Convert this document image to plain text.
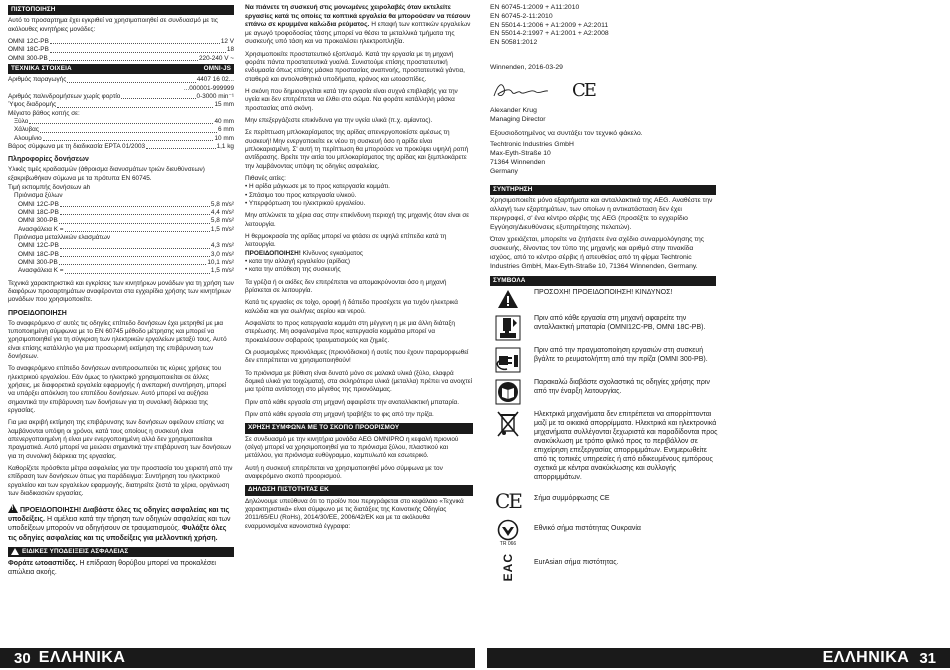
ΠΙΣΤΟΠΟΙΗΣΗ

Αυτό το προσαρτημα έχει εγκριθεί να χρησιμοποιηθεί σε συνδυασμό με τις ακόλουθες κινητήριες μονάδες:

OMNI 12C-PB	12 V
OMNI 18C-PB	18
OMNI 300-PB	220-240 V ~
ΤΕΧΝΙΚΑ ΣΤΟΙΧΕΙΑ	OMNI-JS
Αριθμός παραγωγής	4407 16 02...
...000001-999999
Αριθμός παλινδρομήσεων χωρίς φορτίο	0-3000 min⁻¹
Ύψος διαδρομής	15 mm
Μέγιστο βάθος κοπής σε:
Ξύλο	40 mm
Χάλυβας	6 mm
Αλουμίνιο	10 mm
Βάρος σύμφωνα με τη διαδικασία EPTA 01/2003	1,1 kg
Πληροφορίες δονήσεων

Υλικές τιμές κραδασμών (άθροισμα διανυσμάτων τριών διευθύνσεων) εξακριβωθήκαν σύμωνα με τα πρότυπα EN 60745.

Τιμή εκπομπής δονήσεων ah
Πριόνισμα ξύλων
OMNI 12C-PB	5,8 m/s²
OMNI 18C-PB	4,4 m/s²
OMNI 300-PB	5,8 m/s²
Ανασφάλεια K =	1,5 m/s²
Πριόνισμα μεταλλικών ελασμάτων
OMNI 12C-PB	4,3 m/s²
OMNI 18C-PB	3,0 m/s²
OMNI 300-PB	10,1 m/s²
Ανασφάλεια K =	1,5 m/s²

Τεχνικά χαρακτηριστικά και εγκρίσεις των κινητήριων μονάδων για τη χρήση των διαφόρων προσαρτημάτων αναφέρονται στα εγχειρίδια χρήσης των κινητήριων μονάδων που χρησιμοποιείτε.

ΠΡΟΕΙΔΟΠΟΙΗΣΗ

Το αναφερόμενο σ' αυτές τις οδηγίες επίπεδο δονήσεων έχει μετρηθεί με μια τυποποιημένη σύμφωνα με το EN 60745 μέθοδο μέτρησης και μπορεί να χρησιμοποιηθεί για τη σύγκριση των ηλεκτρικών εργαλείων μεταξύ τους. Αυτό είναι επίσης κατάλληλο για μια προσωρινή εκτίμηση της επιβάρυνση των δονήσεων.

Το αναφερόμενο επίπεδο δονήσεων αντιπροσωπεύει τις κύριες χρήσεις του ηλεκτρικού εργαλείου. Εάν όμως το ηλεκτρικό χρησιμοποιείται σε άλλες χρήσεις, με διαφορετικά εργαλεία εφαρμογής ή ανεπαρκή συντήρηση, μπορεί να υπάρξει απόκλιση του επιπέδου δονήσεων. Αυτό μπορεί να αυξήσει σημαντικά την επιβάρυνση των δονήσεων για τη συνολική διάρκεια της εργασίας.

Για μια ακριβή εκτίμηση της επιβάρυνσης των δονήσεων οφείλουν επίσης να λαμβάνονται υπόψη οι χρόνοι, κατά τους οποίους η συσκευή είναι απενεργοποιημένη ή είναι μεν ενεργοποιημένη αλλά δεν χρησιμοποιείται πραγματικά. Αυτό μπορεί να μειώσει σημαντικά την επιβάρυνση των δονήσεων για τη συνολική διάρκεια της εργασίας.

Καθορίζετε πρόσθετα μέτρα ασφαλείας για την προστασία του χειριστή από την επίδραση των δονήσεων όπως για παράδειγμα: Συντήρηση του ηλεκτρικού εργαλείου και των εργαλείων εφαρμογής, διατηρείτε ζεστά τα χέρια, οργάνωση των διαδικασιών εργασίας.

!ΠΡΟΕΙΔΟΠΟΙΗΣΗ! Διαβάστε όλες τις οδηγίες ασφαλείας και τις υποδείξεις. Η αμέλεια κατά την τήρηση των οδηγιών ασφαλείας και των υποδείξεων μπορούν να οδηγήσουν σε τραυματισμούς. Φυλάξτε όλες τις οδηγίες ασφαλείας και τις υποδείξεις για μελλοντική χρήση.

ΕΙΔΙΚΕΣ ΥΠΟΔΕΙΞΕΙΣ ΑΣΦΑΛΕΙΑΣ

Φοράτε ωτοασπίδες. Η επίδραση θορύβου μπορεί να προκαλέσει απώλεια ακοής.

Να πιάνετε τη συσκευή στις μονωμένες χειρολαβές όταν εκτελείτε εργασίες κατά τις οποίες τα κοπτικά εργαλεία θα μπορούσαν να πέσουν επάνω σε κρυμμένα καλώδια ρεύματος. Η επαφή των κοπτικών εργαλείων με αγωγό τροφοδοσίας τάσης μπορεί να θέσει τα μεταλλικά τμήματα της συσκευής υπό τάση και να προκαλέσει ηλεκτροπληξία.

Χρησιμοποιείτε προστατευτικό εξοπλισμό. Κατά την εργασία με τη μηχανή φοράτε πάντα προστατευτικά γυαλιά. Συνιστούμε επίσης προστατευτική ενδυμασία όπως επίσης μάσκα προστασίας αναπνοής, προστατευτικά γάντια, σταθερά και αντιολισθητικά υποδήματα, κράνος και ωτοασπίδες.

Η σκόνη που δημιουργείται κατά την εργασία είναι συχνά επιβλαβής για την υγεία και δεν επιτρέπεται να έλθει στο σώμα. Να φοράτε κατάλληλη μάσκα προστασίας από σκόνη.

Μην επεξεργάζεστε επικίνδυνα για την υγεία υλικά (π.χ. αμίαντος).

Σε περίπτωση μπλοκαρίσματος της αρίδας απενεργοποιείστε αμέσως τη συσκευή! Μην ενεργοποιείτε εκ νέου τη συσκευή όσο η αρίδα είναι μπλοκαρισμένη. Σ' αυτή τη περίπτωση θα μπορούσε να προκύψει υψηλή ροπή αντίδρασης. Βρείτε την αιτία του μπλοκαρίσματος της αρίδας και ξεμπλοκάρετε την λαμβάνοντας υπόψη τις οδηγίες ασφαλείας.

Πιθανές αιτίες:
• Η αρίδα μάγκωσε με το προς κατεργασία κομμάτι.
• Σπάσιμο του προς κατεργασία υλικού.
• Υπερφόρτωση του ηλεκτρικού εργαλείου.

Μην απλώνετε τα χέρια σας στην επικίνδυνη περιοχή της μηχανής όταν είναι σε λειτουργία.

Η θερμοκρασία της αρίδας μπορεί να φτάσει σε υψηλά επίπεδα κατά τη λειτουργία.

ΠΡΟΕΙΔΟΠΟΙΗΣΗ! Κίνδυνος εγκαύματος
• κατα την αλλαγή εργαλείου (αρίδας)
• κατα την απόθεση της συσκευής

Τα γρέζια ή οι ακίδες δεν επιτρέπεται να απομακρύνονται όσο η μηχανή βρίσκεται σε λειτουργία.

Κατά τις εργασίες σε τοίχο, οροφή ή δάπεδο προσέχετε για τυχόν ηλεκτρικά καλώδια και για σωλήνες αερίου και νερού.

Ασφαλίστε το προς κατεργασία κομμάτι στη μέγγενη η με μια άλλη διάταξη στερέωσης. Μη ασφαλισμένα προς κατεργασία κομμάτια μπορεί να προκαλέσουν σοβαρούς τραυματισμούς και ζημιές.

Οι ρυσμισμένες πριονόλαμες (πριονόδισκοι) ή αυτές που έχουν παραμορφωθεί δεν επιτρέπεται να χρησιμοποιηθούν!

Το πριόνισμα με βύθιση είναι δυνατό μόνο σε μαλακά υλικά (ξύλο, ελαφρά δομικά υλικά για τοιχώματα), στα σκληρότερα υλικά (μεταλλα) πρέπει να ανοιχτεί μια τρύπα αντίστοιχη στο μέγεθος της πριονόλαμας.

Πριν από κάθε εργασία στη μηχανή αφαιρέστε την αναταλλακτική μπαταρία.

Πριν από κάθε εργασία στη μηχανή τραβήξτε το φις από την πρίζα.

ΧΡΗΣΗ ΣΥΜΦΩΝΑ ΜΕ ΤΟ ΣΚΟΠΟ ΠΡΟΟΡΙΣΜΟΥ

Σε συνδυασμό με την κινητήρια μονάδα AEG OMNIPRO η κεφαλή πριονιού (σέγα) μπορεί να χρησιμοποιηθεί για το πριόνισμα ξύλου, πλαστικού και μετάλλου, για πριόνισμα ευθύγραμμο, καμπυλωτό και εσωτερικό.

Αυτή η συσκευή επιτρέπεται να χρησιμοποιηθεί μόνο σύμφωνα με τον αναφερόμενο σκοπό προορισμού.

ΔΗΛΩΣΗ ΠΙΣΤΟΤΗΤΑΣ ΕΚ

Δηλώνουμε υπεύθυνα ότι το προϊόν που περιγράφεται στο κεφάλαιο «Τεχνικά χαρακτηριστικά» είναι σύμφωνο με τις διατάξεις της Κοινοτικής Οδηγίας 2011/65/EU (RoHs), 2014/30/ΕΕ, 2006/42/ΕΚ και με τα ακόλουθα εναρμονισμένα κανονιστικά έγγραφα:

EN 60745-1:2009 + A11:2010
EN 60745-2-11:2010
EN 55014-1:2006 + A1:2009 + A2:2011
EN 55014-2:1997 + A1:2001 + A2:2008
EN 50581:2012
Winnenden, 2016-03-29
CE
Alexander Krug
Managing Director
Εξουσιοδοτημένος να συντάξει τον τεχνικό φάκελο.
Techtronic Industries GmbH
Max-Eyth-Straße 10
71364 Winnenden
Germany
ΣΥΝΤΗΡΗΣΗ

Χρησιμοποιείτε μόνο εξαρτήματα και ανταλλακτικά της AEG. Αναθέστε την αλλαγή των εξαρτημάτων, των οποίων η αντικατάσταση δεν έχει περιγραφεί, σ' ένα κέντρο σέρβις της AEG (προσέξτε το εγχειρίδιο Εγγύηση/Διευθύνσεις εξυπηρέτησης πελατών).

Όταν χρειάζεται, μπορείτε να ζητήσετε ένα σχέδιο συναρμολόγησης της συσκευής, δίνοντας τον τύπο της μηχανής και αριθμό στην πινακίδα ισχύος, από το κέντρο σέρβις ή απευθείας από τη φίρμα Techtronic Industries GmbH, Max-Eyth-Straße 10, 71364 Winnenden, Germany.

ΣΥΜΒΟΛΑ
ΠΡΟΣΟΧΗ! ΠΡΟΕΙΔΟΠΟΙΗΣΗ! ΚΙΝΔΥΝΟΣ!
Πριν από κάθε εργασία στη μηχανή αφαιρείτε την ανταλλακτική μπαταρία (OMNI12C-PB, OMNI 18C-PB).
Πριν από την πραγματοποίηση εργασιών στη συσκευή βγάλτε το ρευματολήπτη από την πρίζα (OMNI 300-PB).
Παρακαλώ διαβάστε σχολαστικά τις οδηγίες χρήσης πριν από την έναρξη λειτουργίας.
Ηλεκτρικά μηχανήματα δεν επιτρέπεται να απορρίπτονται μαζί με τα οικιακά απορρίμματα. Ηλεκτρικά και ηλεκτρονικά μηχανήματα συλλέγονται ξεχωριστά και παραδίδονται προς ανακύκλωση με τρόπο φιλικό προς το περιβάλλον σε επιχείρηση επεξεργασίας απορριμμάτων. Ενημερωθείτε από τις τοπικές υπηρεσίες ή από ειδικευμένους εμπόρους σχετικά με κέντρα ανακύκλωσης και συλλογής απορριμμάτων.
CE Σήμα συμμόρφωσης CE
TR 066
Εθνικό σήμα πιστότητας Ουκρανία
EAC	EurAsian σήμα πιστότητας.
30 ΕΛΛΗΝΙΚΑ	ΕΛΛΗΝΙΚΑ 31
